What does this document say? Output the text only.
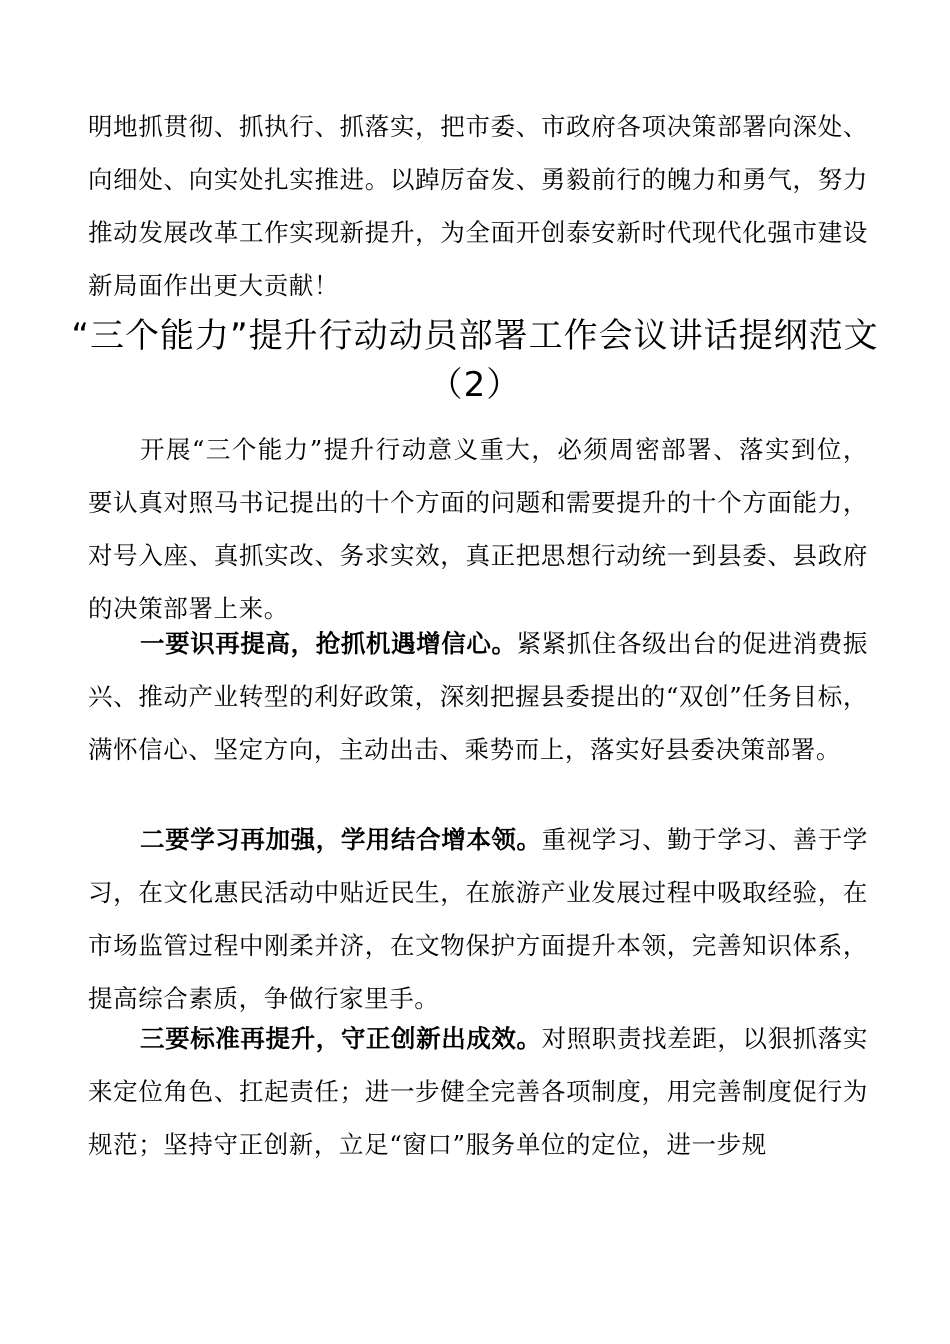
明地抓贯彻、抓执行、抓落实，把市委、市政府各项决策部署向深处、向细处、向实处扎实推进。以踔厉奋发、勇毅前行的魄力和勇气，努力推动发展改革工作实现新提升，为全面开创泰安新时代现代化强市建设新局面作出更大贡献！

“三个能力”提升行动动员部署工作会议讲话提纲范文（2）

开展“三个能力”提升行动意义重大，必须周密部署、落实到位，要认真对照马书记提出的十个方面的问题和需要提升的十个方面能力，对号入座、真抓实改、务求实效，真正把思想行动统一到县委、县政府的决策部署上来。

一要识再提高，抢抓机遇增信心。紧紧抓住各级出台的促进消费振兴、推动产业转型的利好政策，深刻把握县委提出的“双创”任务目标，满怀信心、坚定方向，主动出击、乘势而上，落实好县委决策部署。

二要学习再加强，学用结合增本领。重视学习、勤于学习、善于学习，在文化惠民活动中贴近民生，在旅游产业发展过程中吸取经验，在市场监管过程中刚柔并济，在文物保护方面提升本领，完善知识体系，提高综合素质，争做行家里手。

三要标准再提升，守正创新出成效。对照职责找差距，以狠抓落实来定位角色、扛起责任；进一步健全完善各项制度，用完善制度促行为规范；坚持守正创新，立足“窗口”服务单位的定位，进一步规
